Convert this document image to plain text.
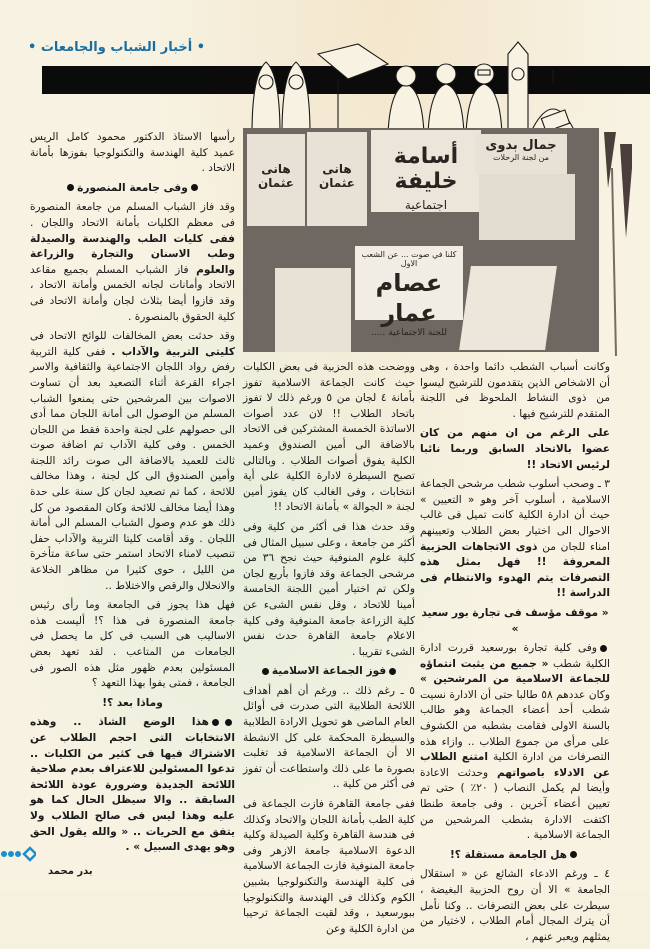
• أخبار الشباب والجامعات •
هانى عثمان
هانى عثمان
أسامة خليفة
اجتماعية
جمال بدوى
من لجنة الرحلات
كلنا في صوت ... عن الشعب الاول
عصام عمار
للجنة الاجتماعية .....

رأسها الاستاذ الدكتور محمود كامل الريس عميد كلية الهندسة والتكنولوجيا بفوزها بأمانة الاتحاد .

وفى جامعة المنصورة

وقد فاز الشباب المسلم من جامعة المنصورة فى معظم الكليات بأمانة الاتحاد واللجان . ففى كليات الطب والهندسة والصيدلة وطب الاسنان والتجارة والزراعة والعلوم فاز الشباب المسلم بجميع مقاعد الاتحاد وأمانات لجانه الخمس وأمانة الاتحاد ، وقد فازوا أيضا بثلاث لجان وأمانة الاتحاد فى كلية الحقوق بالمنصورة .

وقد حدثت بعض المخالفات للوائح الاتحاد فى كليتى التربية والآداب . ففى كلية التربية رفض رواد اللجان الاجتماعية والثقافية والاسر اجراء القرعة أثناء التصعيد بعد أن تساوت الاصوات بين المرشحين حتى يمنعوا الشباب المسلم من الوصول الى أمانة اللجان مما أدى الى حصولهم على لجنة واحدة فقط من اللجان الخمس . وفى كلية الآداب تم اضافة صوت ثالث للعميد بالاضافة الى صوت رائد اللجنة وأمين الصندوق الى كل لجنة ، وهذا مخالف للائحة ، كما تم تصعيد لجان كل سنة على حدة وهذا أيضا مخالف للائحة وكان المقصود من كل ذلك هو عدم وصول الشباب المسلم الى أمانة اللجان . وقد أقامت كليتا التربية والآداب حفل تنصيب لامناء الاتحاد استمر حتى ساعة متأخرة من الليل ، حوى كثيرا من مظاهر الخلاعة والانحلال والرقص والاختلاط ..

فهل هذا يجوز فى الجامعة وما رأى رئيس جامعة المنصورة فى هذا ؟! أليست هذه الاساليب هى السبب فى كل ما يحصل فى الجامعات من المتاعب . لقد تعهد بعض المسئولين بعدم ظهور مثل هذه الصور فى الجامعة ، فمتى يفوا بهذا التعهد ؟

وماذا بعد ؟!

هذا الوضع الشاذ .. وهذه الانتخابات التى احجم الطلاب عن الاشتراك فيها فى كثير من الكليات .. تدعوا المسئولين للاعتراف بعدم صلاحية اللائحة الجديدة وضرورة عودة اللائحة السابقة .. والا سيظل الحال كما هو عليه وهذا ليس فى صالح الطلاب ولا يتفق مع الحريات .. « والله يقول الحق وهو يهدى السبيل » .

ووضحت هذه الحزبية فى بعض الكليات حيث كانت الجماعة الاسلامية تفوز بأمانة ٤ لجان من ٥ ورغم ذلك لا تفوز باتحاد الطلاب !! لان عدد أصوات الاساتذة الخمسة المشتركين فى الاتحاد بالاضافة الى أمين الصندوق وعميد الكلية يفوق أصوات الطلاب . وبالتالى تصبح السيطرة لادارة الكلية على أية انتخابات ، وفى الغالب كان يفوز أمين لجنة « الجوالة » بأمانة الاتحاد !!

وقد حدث هذا فى أكثر من كلية وفى أكثر من جامعة ، وعلى سبيل المثال فى كلية علوم المنوفية حيث نجح ٣٦ من مرشحى الجماعة وقد فازوا بأربع لجان ولكن تم اختيار أمين اللجنة الخامسة أمينا للاتحاد ، وقل نفس الشىء عن كلية الزراعة جامعة المنوفية وفى كلية الاعلام جامعة القاهرة حدث نفس الشىء تقريبا .

فوز الجماعة الاسلامية

٥ ـ رغم ذلك .. ورغم أن أهم أهداف اللائحة الطلابية التى صدرت فى أوائل العام الماضى هو تحويل الارادة الطلابية والسيطرة المحكمة على كل الانشطة الا أن الجماعة الاسلامية قد تغلبت بصورة ما على ذلك واستطاعت أن تفوز فى أكثر من كلية ..

ففى جامعة القاهرة فازت الجماعة فى كلية الطب بأمانة اللجان والاتحاد وكذلك فى هندسة القاهرة وكلية الصيدلة وكلية الدعوة الاسلامية جامعة الازهر وفى جامعة المنوفية فازت الجماعة الاسلامية فى كلية الهندسة والتكنولوجيا بشبين الكوم وكذلك فى الهندسة والتكنولوجيا ببورسعيد ، وقد لقيت الجماعة ترحيبا من ادارة الكلية وعن

وكانت أسباب الشطب دائما واحدة ، وهى أن الاشخاص الذين يتقدمون للترشيح ليسوا من ذوى النشاط الملحوظ فى اللجنة المتقدم للترشيح فيها .

على الرغم من ان منهم من كان عضوا بالاتحاد السابق وربما نائبا لرئيس الاتحاد !!

٣ ـ وصحب أسلوب شطب مرشحى الجماعة الاسلامية ، أسلوب آخر وهو « التعيين » حيث أن ادارة الكلية كانت تميل فى غالب الاحوال الى اختيار بعض الطلاب وتعيينهم امناء للجان من ذوى الاتجاهات الحزبية المعروفة !! فهل بمثل هذه التصرفات يتم الهدوء والانتظام فى الدراسة !!

« موقف مؤسف فى تجارة بور سعيد »

وفى كلية تجارة بورسعيد قررت ادارة الكلية شطب « جميع من يثبت انتماؤه للجماعة الاسلامية من المرشحين » وكان عددهم ٥٨ طالبا حتى أن الادارة نسيت شطب أحد أعضاء الجماعة وهو طالب بالسنة الاولى فقامت بشطبه من الكشوف على مرأى من جموع الطلاب .. وازاء هذه التصرفات من ادارة الكلية امتنع الطلاب عن الادلاء باصواتهم وحدثت الاعادة وأيضا لم يكمل النصاب ( ٢٠٪ ) حتى تم تعيين أعضاء آخرين . وفى جامعة طنطا اكتفت الادارة بشطب المرشحين من الجماعة الاسلامية .

هل الجامعة مستقلة ؟!

٤ ـ ورغم الادعاء الشائع عن « استقلال الجامعة » الا أن روح الحزبية البغيضة ، سيطرت على بعض التصرفات .. وكنا نأمل أن يترك المجال أمام الطلاب ، لاختيار من يمثلهم ويعبر عنهم ،

بدر محمد
